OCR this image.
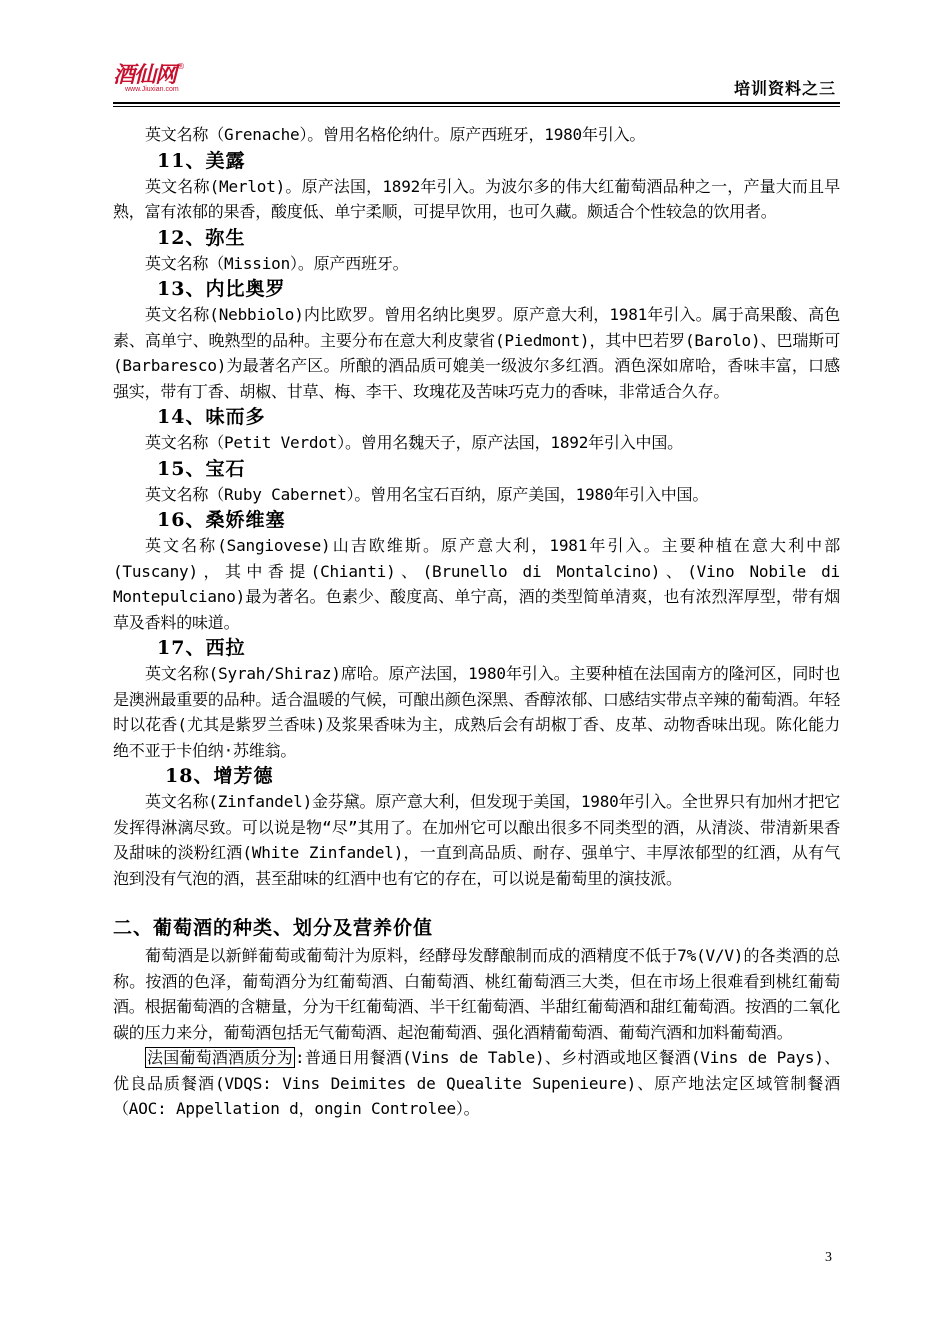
酒仙网®
www.Jiuxian.com	培训资料之三

英文名称（Grenache）。曾用名格伦纳什。原产西班牙，1980年引入。

11、美露

英文名称(Merlot)。原产法国，1892年引入。为波尔多的伟大红葡萄酒品种之一，产量大而且早熟，富有浓郁的果香，酸度低、单宁柔顺，可提早饮用，也可久藏。颇适合个性较急的饮用者。

12、弥生

英文名称（Mission）。原产西班牙。

13、内比奥罗

英文名称(Nebbiolo)内比欧罗。曾用名纳比奥罗。原产意大利，1981年引入。属于高果酸、高色素、高单宁、晚熟型的品种。主要分布在意大利皮蒙省(Piedmont)，其中巴若罗(Barolo)、巴瑞斯可(Barbaresco)为最著名产区。所酿的酒品质可媲美一级波尔多红酒。酒色深如席哈，香味丰富，口感强实，带有丁香、胡椒、甘草、梅、李干、玫瑰花及苦味巧克力的香味，非常适合久存。

14、味而多

英文名称（Petit Verdot）。曾用名魏天子，原产法国，1892年引入中国。

15、宝石

英文名称（Ruby Cabernet）。曾用名宝石百纳，原产美国，1980年引入中国。

16、桑娇维塞

英文名称(Sangiovese)山吉欧维斯。原产意大利，1981年引入。主要种植在意大利中部(Tuscany)，其中香提(Chianti)、(Brunello di Montalcino)、(Vino Nobile di Montepulciano)最为著名。色素少、酸度高、单宁高，酒的类型简单清爽，也有浓烈浑厚型，带有烟草及香料的味道。

17、西拉

英文名称(Syrah/Shiraz)席哈。原产法国，1980年引入。主要种植在法国南方的隆河区，同时也是澳洲最重要的品种。适合温暖的气候，可酿出颜色深黑、香醇浓郁、口感结实带点辛辣的葡萄酒。年轻时以花香(尤其是紫罗兰香味)及浆果香味为主，成熟后会有胡椒丁香、皮革、动物香味出现。陈化能力绝不亚于卡伯纳·苏维翁。

18、增芳德

英文名称(Zinfandel)金芬黛。原产意大利，但发现于美国，1980年引入。全世界只有加州才把它发挥得淋漓尽致。可以说是物“尽”其用了。在加州它可以酿出很多不同类型的酒，从清淡、带清新果香及甜味的淡粉红酒(White Zinfandel)，一直到高品质、耐存、强单宁、丰厚浓郁型的红酒，从有气泡到没有气泡的酒，甚至甜味的红酒中也有它的存在，可以说是葡萄里的演技派。

二、葡萄酒的种类、划分及营养价值

葡萄酒是以新鲜葡萄或葡萄汁为原料，经酵母发酵酿制而成的酒精度不低于7%(V/V)的各类酒的总称。按酒的色泽，葡萄酒分为红葡萄酒、白葡萄酒、桃红葡萄酒三大类，但在市场上很难看到桃红葡萄酒。根据葡萄酒的含糖量，分为干红葡萄酒、半干红葡萄酒、半甜红葡萄酒和甜红葡萄酒。按酒的二氧化碳的压力来分，葡萄酒包括无气葡萄酒、起泡葡萄酒、强化酒精葡萄酒、葡萄汽酒和加料葡萄酒。

法国葡萄酒酒质分为 :普通日用餐酒(Vins de Table)、乡村酒或地区餐酒(Vins de Pays)、优良品质餐酒(VDQS: Vins Deimites de Quealite Supenieure)、原产地法定区域管制餐酒（AOC: Appellation d，ongin Controlee）。

3
